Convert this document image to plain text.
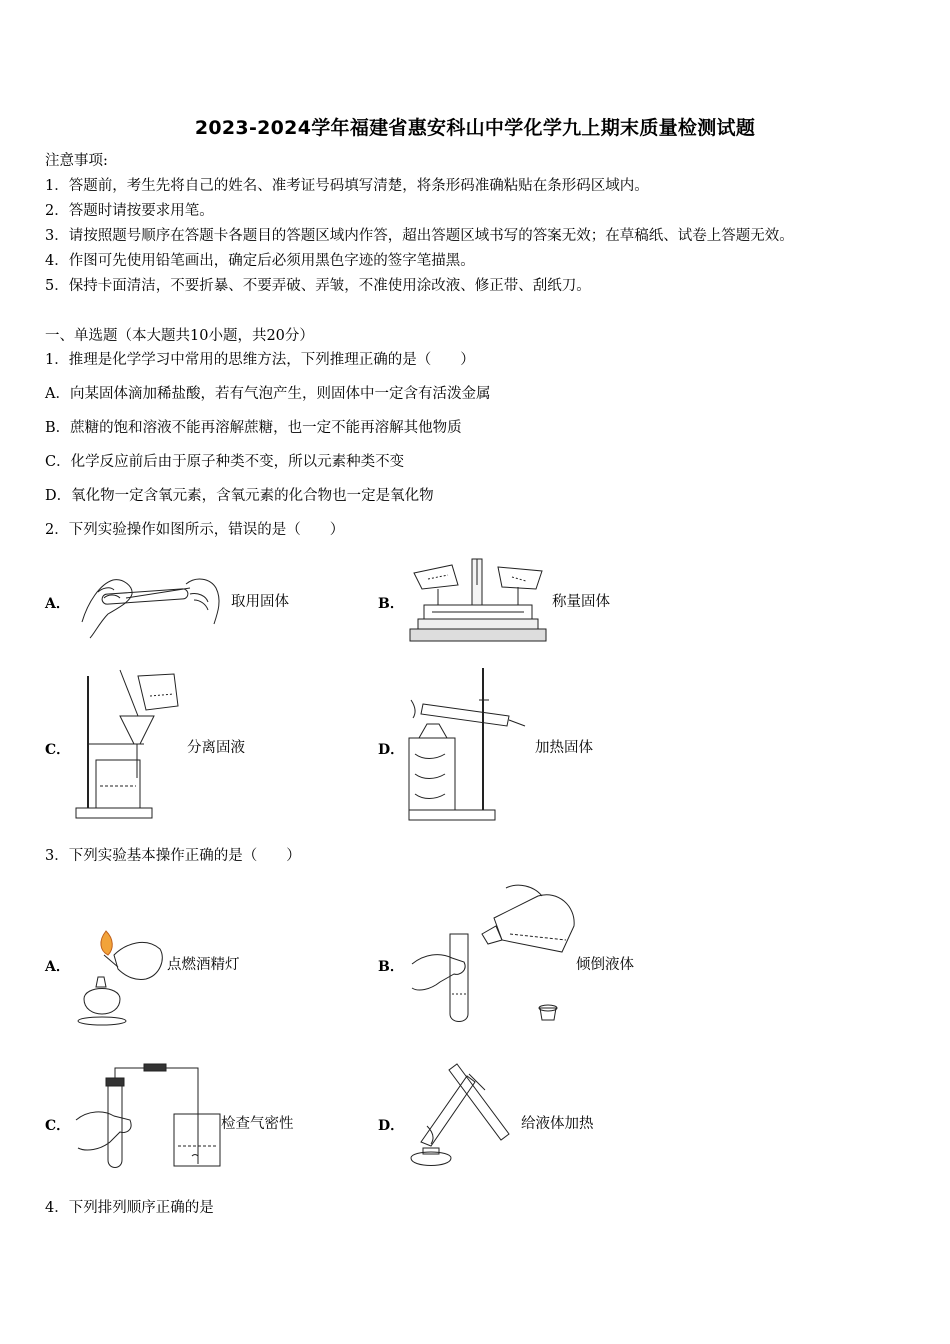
2023-2024学年福建省惠安科山中学化学九上期末质量检测试题
注意事项:
1．答题前，考生先将自己的姓名、准考证号码填写清楚，将条形码准确粘贴在条形码区域内。
2．答题时请按要求用笔。
3．请按照题号顺序在答题卡各题目的答题区域内作答，超出答题区域书写的答案无效；在草稿纸、试卷上答题无效。
4．作图可先使用铅笔画出，确定后必须用黑色字迹的签字笔描黑。
5．保持卡面清洁，不要折暴、不要弄破、弄皱，不准使用涂改液、修正带、刮纸刀。
一、单选题（本大题共10小题，共20分）
1．推理是化学学习中常用的思维方法，下列推理正确的是（　　）
A．向某固体滴加稀盐酸，若有气泡产生，则固体中一定含有活泼金属
B．蔗糖的饱和溶液不能再溶解蔗糖，也一定不能再溶解其他物质
C．化学反应前后由于原子种类不变，所以元素种类不变
D．氧化物一定含氧元素，含氧元素的化合物也一定是氧化物
2．下列实验操作如图所示，错误的是（　　）
A．	取用固体	B．	称量固体
C．	分离固液	D．	加热固体
3．下列实验基本操作正确的是（　　）
A．	点燃酒精灯	B．	倾倒液体
C．	检查气密性	D．	给液体加热
4．下列排列顺序正确的是
